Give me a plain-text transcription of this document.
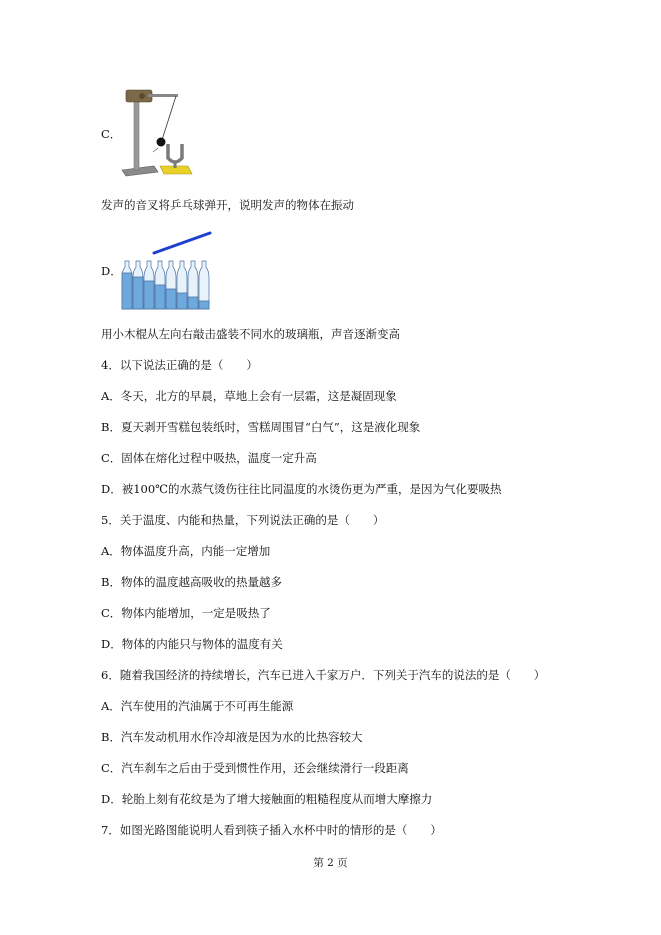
C．
发声的音叉将乒乓球弹开，说明发声的物体在振动
D．
用小木棍从左向右敲击盛装不同水的玻璃瓶，声音逐渐变高
4．以下说法正确的是（　　）
A．冬天，北方的早晨，草地上会有一层霜，这是凝固现象
B．夏天剥开雪糕包装纸时，雪糕周围冒“白气”，这是液化现象
C．固体在熔化过程中吸热，温度一定升高
D．被100℃的水蒸气烫伤往往比同温度的水烫伤更为严重，是因为气化要吸热
5．关于温度、内能和热量，下列说法正确的是（　　）
A．物体温度升高，内能一定增加
B．物体的温度越高吸收的热量越多
C．物体内能增加，一定是吸热了
D．物体的内能只与物体的温度有关
6．随着我国经济的持续增长，汽车已进入千家万户．下列关于汽车的说法的是（　　）
A．汽车使用的汽油属于不可再生能源
B．汽车发动机用水作冷却液是因为水的比热容较大
C．汽车刹车之后由于受到惯性作用，还会继续滑行一段距离
D．轮胎上刻有花纹是为了增大接触面的粗糙程度从而增大摩擦力
7．如图光路图能说明人看到筷子插入水杯中时的情形的是（　　）
第 2 页
